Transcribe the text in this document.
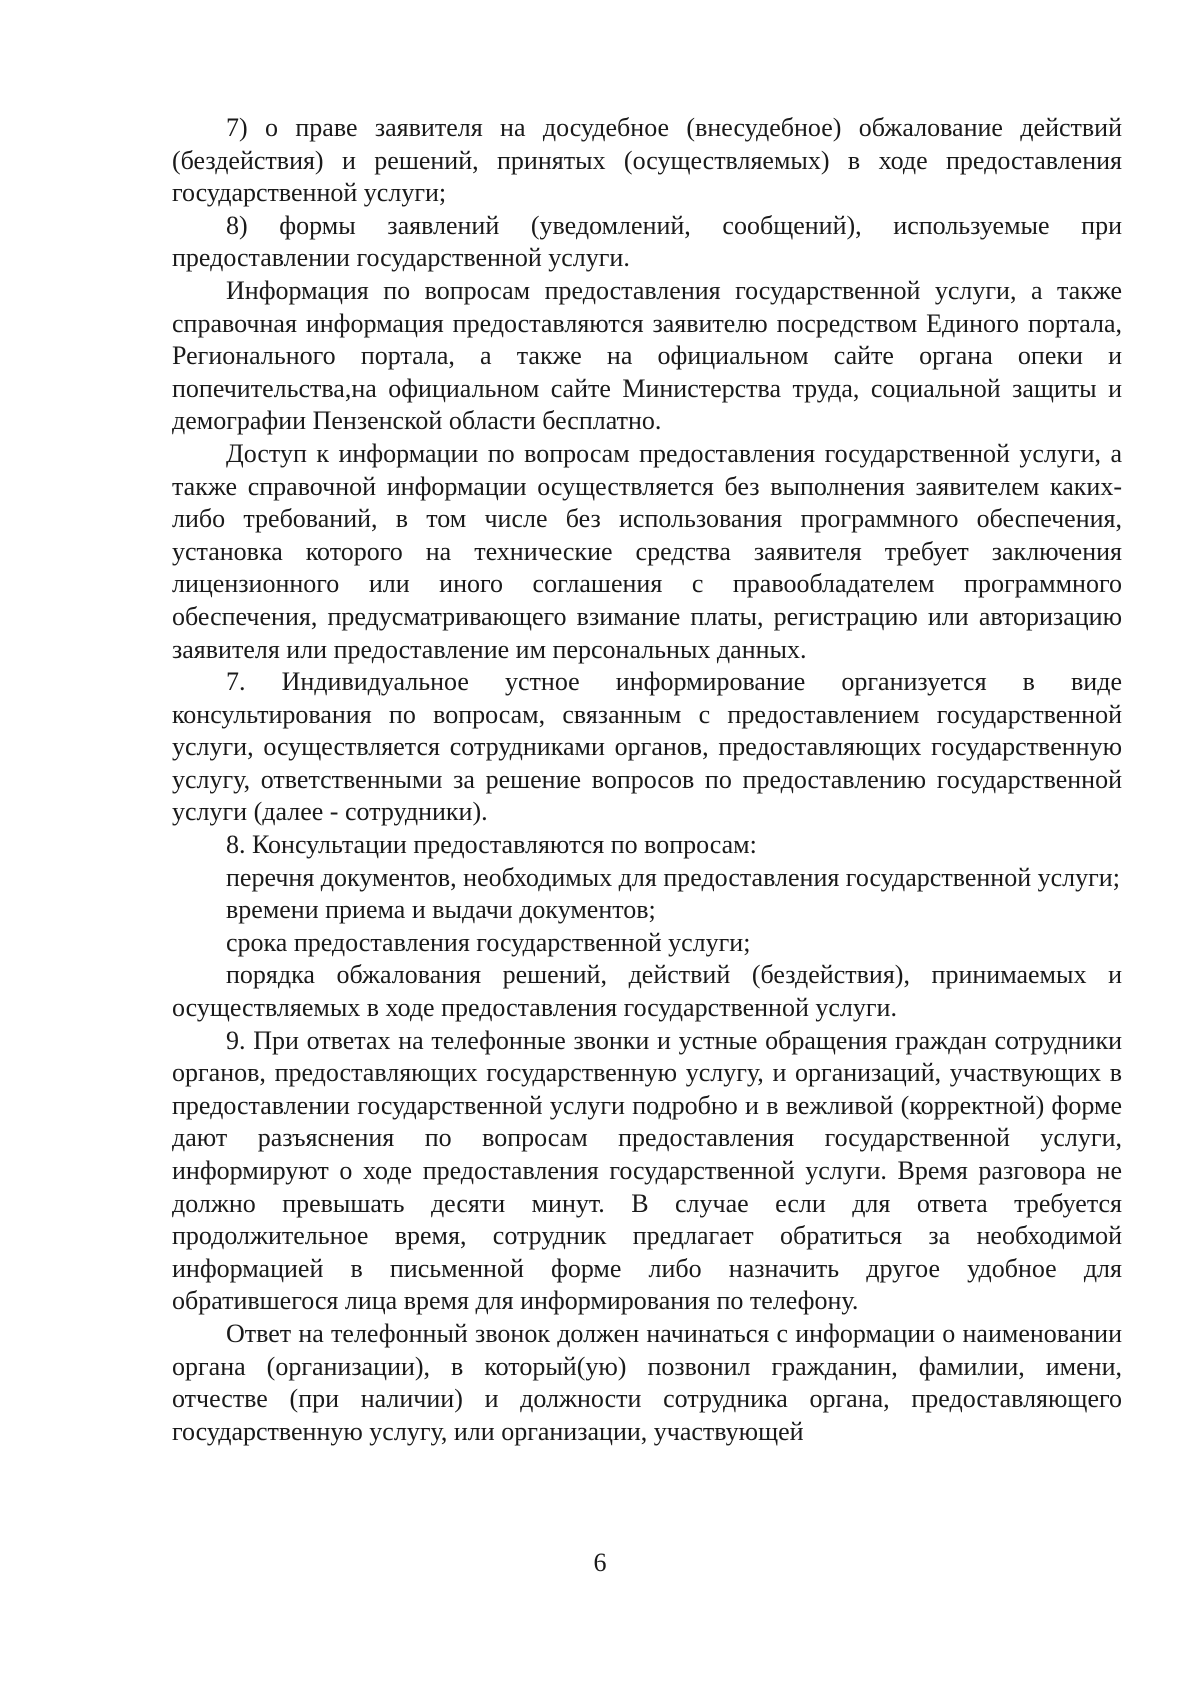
7) о праве заявителя на досудебное (внесудебное) обжалование действий (бездействия) и решений, принятых (осуществляемых) в ходе предоставления государственной услуги;

8) формы заявлений (уведомлений, сообщений), используемые при предоставлении государственной услуги.

Информация по вопросам предоставления государственной услуги, а также справочная информация предоставляются заявителю посредством Единого портала, Регионального портала, а также на официальном сайте органа опеки и попечительства,на официальном сайте Министерства труда, социальной защиты и демографии Пензенской области бесплатно.

Доступ к информации по вопросам предоставления государственной услуги, а также справочной информации осуществляется без выполнения заявителем каких-либо требований, в том числе без использования программного обеспечения, установка которого на технические средства заявителя требует заключения лицензионного или иного соглашения с правообладателем программного обеспечения, предусматривающего взимание платы, регистрацию или авторизацию заявителя или предоставление им персональных данных.

7. Индивидуальное устное информирование организуется в виде консультирования по вопросам, связанным с предоставлением государственной услуги, осуществляется сотрудниками органов, предоставляющих государственную услугу, ответственными за решение вопросов по предоставлению государственной услуги (далее - сотрудники).

8. Консультации предоставляются по вопросам:

перечня документов, необходимых для предоставления государственной услуги;

времени приема и выдачи документов;

срока предоставления государственной услуги;

порядка обжалования решений, действий (бездействия), принимаемых и осуществляемых в ходе предоставления государственной услуги.

9. При ответах на телефонные звонки и устные обращения граждан сотрудники органов, предоставляющих государственную услугу, и организаций, участвующих в предоставлении государственной услуги подробно и в вежливой (корректной) форме дают разъяснения по вопросам предоставления государственной услуги, информируют о ходе предоставления государственной услуги. Время разговора не должно превышать десяти минут. В случае если для ответа требуется продолжительное время, сотрудник предлагает обратиться за необходимой информацией в письменной форме либо назначить другое удобное для обратившегося лица время для информирования по телефону.

Ответ на телефонный звонок должен начинаться с информации о наименовании органа (организации), в который(ую) позвонил гражданин, фамилии, имени, отчестве (при наличии) и должности сотрудника органа, предоставляющего государственную услугу, или организации, участвующей

6
